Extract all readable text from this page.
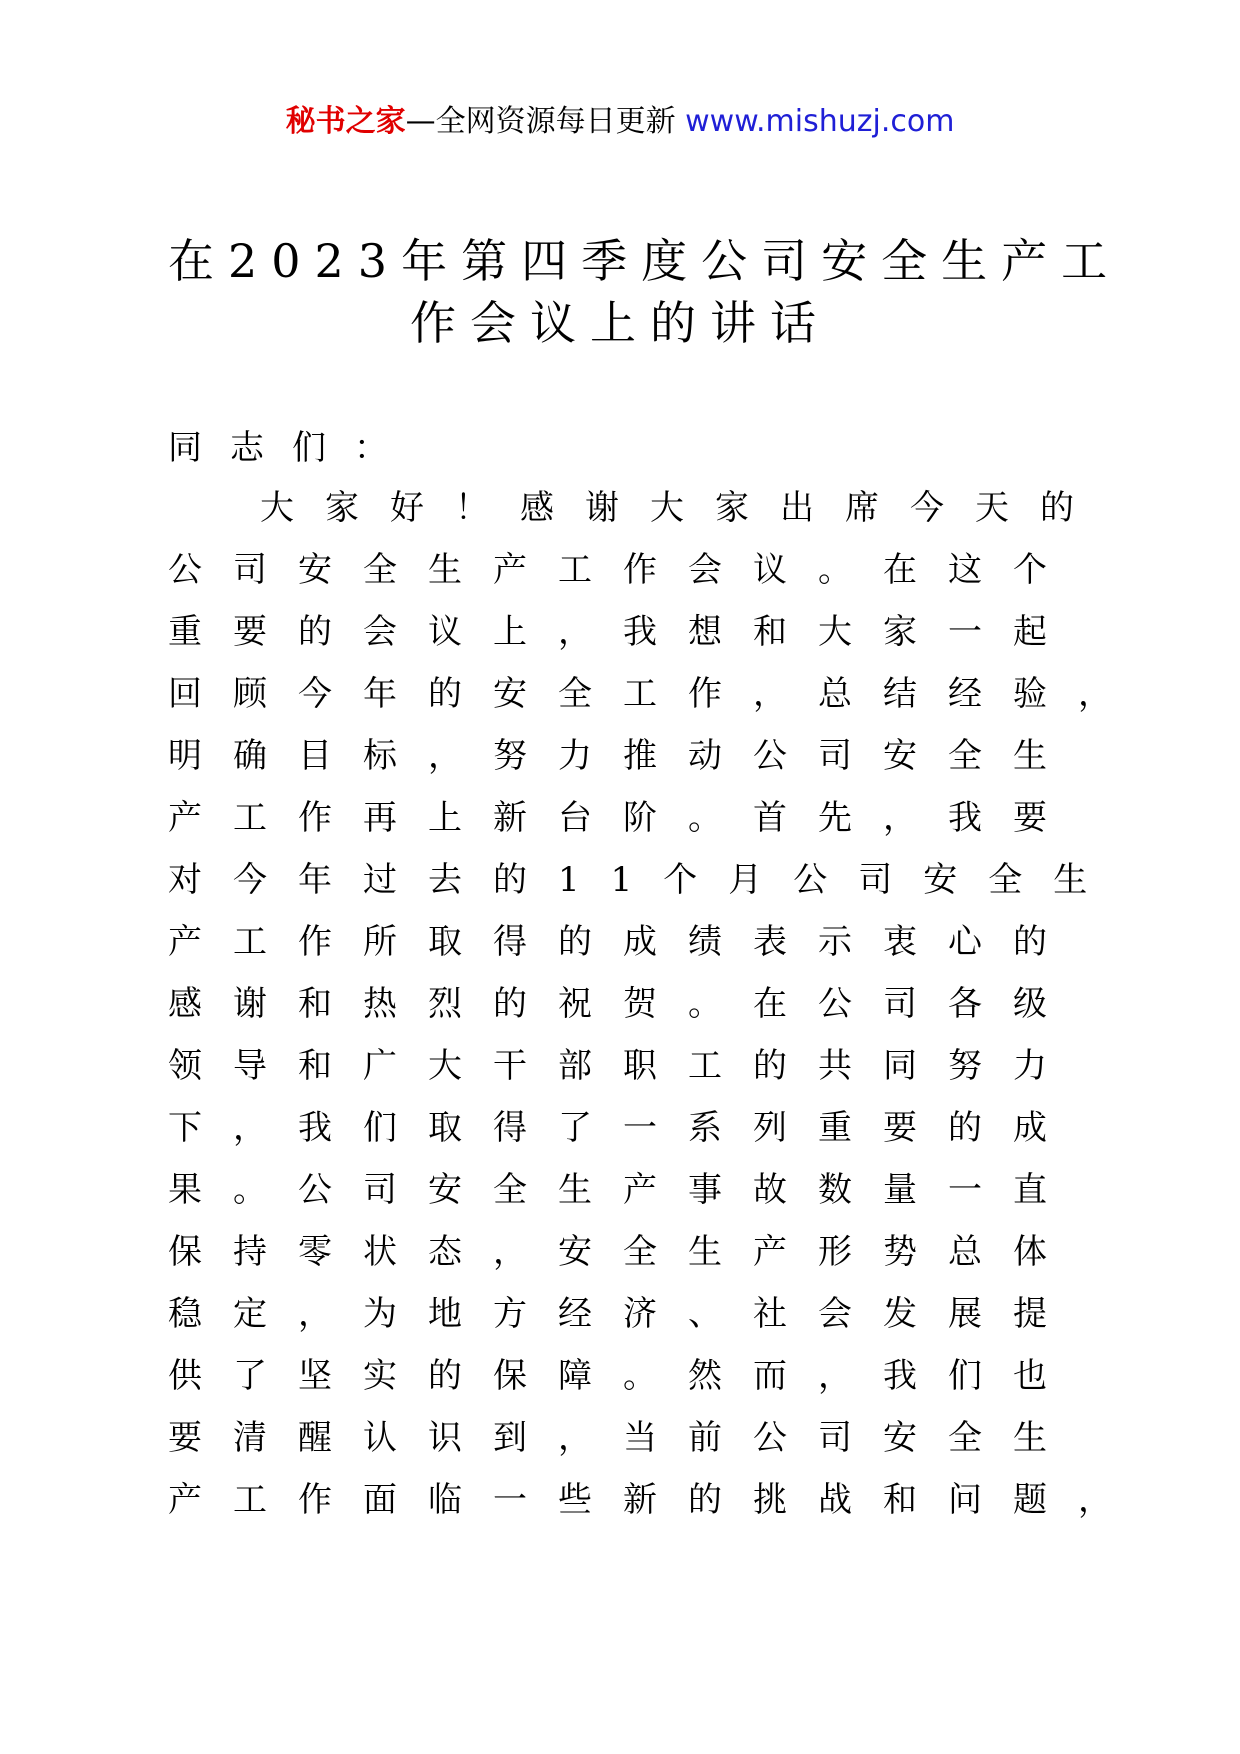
秘书之家—全网资源每日更新 www.mishuzj.com
在2023年第四季度公司安全生产工
作会议上的讲话

同志们：

大家好！感谢大家出席今天的
公司安全生产工作会议。在这个
重要的会议上，我想和大家一起
回顾今年的安全工作，总结经验，
明确目标，努力推动公司安全生
产工作再上新台阶。首先，我要
对今年过去的11个月公司安全生
产工作所取得的成绩表示衷心的
感谢和热烈的祝贺。在公司各级
领导和广大干部职工的共同努力
下，我们取得了一系列重要的成
果。公司安全生产事故数量一直
保持零状态，安全生产形势总体
稳定，为地方经济、社会发展提
供了坚实的保障。然而，我们也
要清醒认识到，当前公司安全生
产工作面临一些新的挑战和问题，
